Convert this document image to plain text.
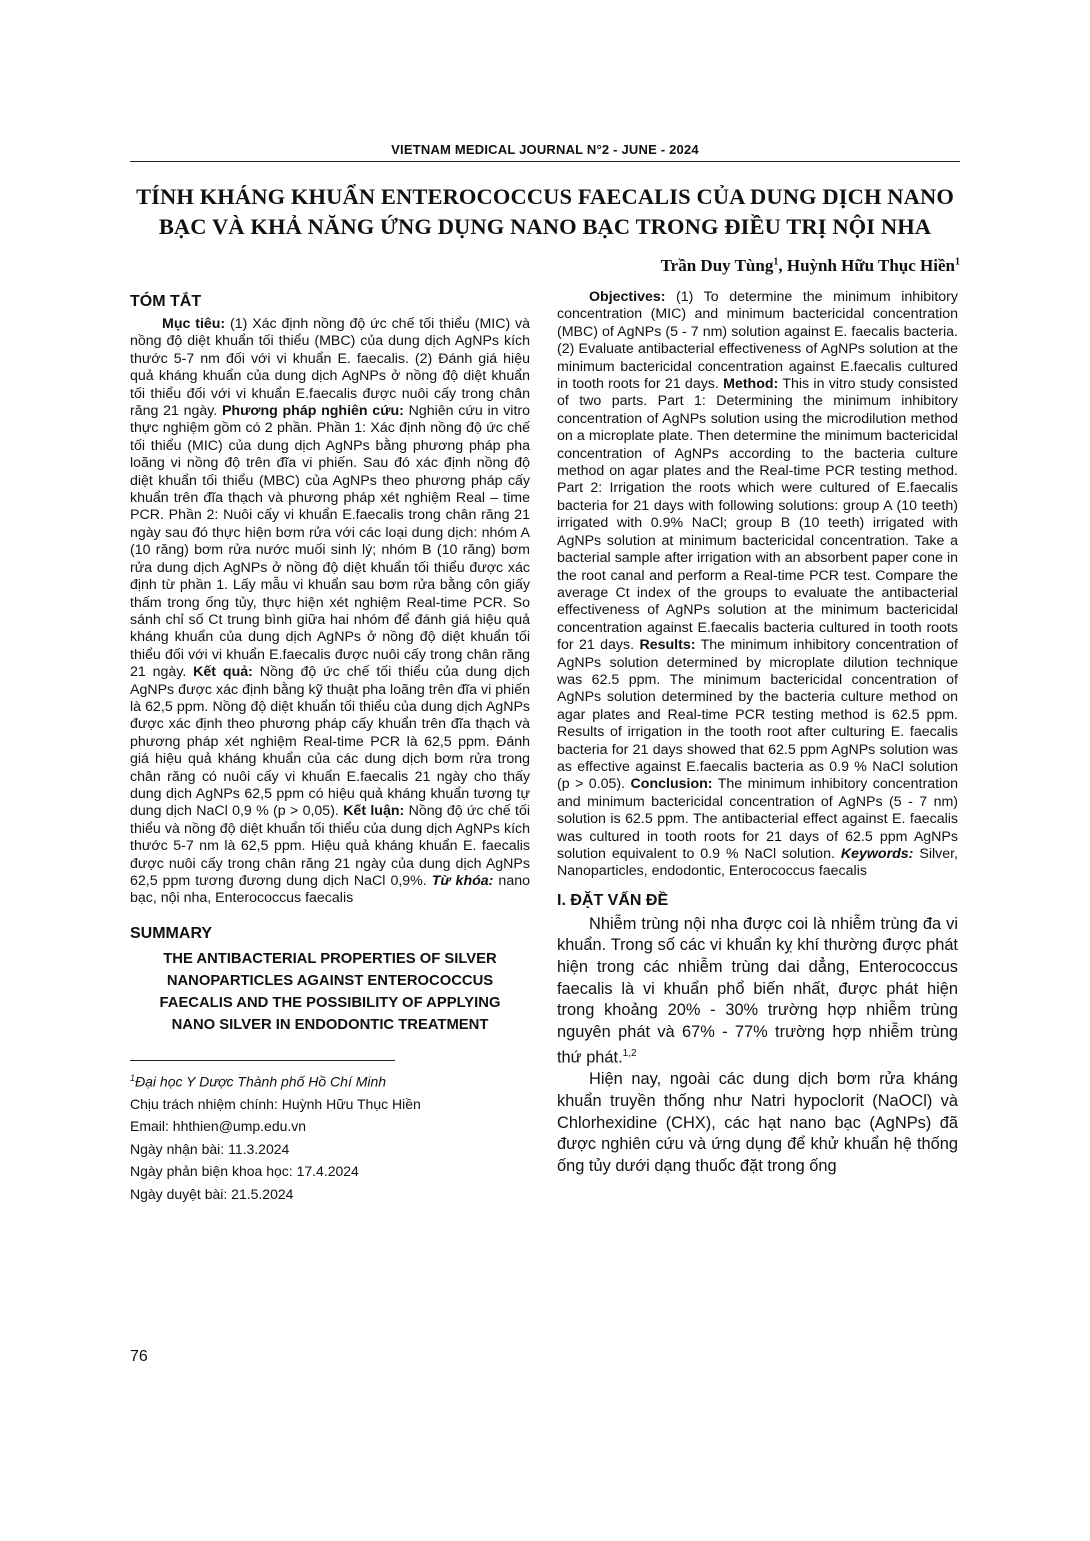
VIETNAM MEDICAL JOURNAL N°2 - JUNE - 2024
TÍNH KHÁNG KHUẨN ENTEROCOCCUS FAECALIS CỦA DUNG DỊCH NANO BẠC VÀ KHẢ NĂNG ỨNG DỤNG NANO BẠC TRONG ĐIỀU TRỊ NỘI NHA
Trần Duy Tùng$^1$, Huỳnh Hữu Thục Hiền$^1$
TÓM TẮT

Mục tiêu: (1) Xác định nồng độ ức chế tối thiểu (MIC) và nồng độ diệt khuẩn tối thiểu (MBC) của dung dịch AgNPs kích thước 5-7 nm đối với vi khuẩn E. faecalis. (2) Đánh giá hiệu quả kháng khuẩn của dung dịch AgNPs ở nồng độ diệt khuẩn tối thiểu đối với vi khuẩn E.faecalis được nuôi cấy trong chân răng 21 ngày. Phương pháp nghiên cứu: Nghiên cứu in vitro thực nghiệm gồm có 2 phần. Phần 1: Xác định nồng độ ức chế tối thiểu (MIC) của dung dịch AgNPs bằng phương pháp pha loãng vi nồng độ trên đĩa vi phiến. Sau đó xác định nồng độ diệt khuẩn tối thiểu (MBC) của AgNPs theo phương pháp cấy khuẩn trên đĩa thạch và phương pháp xét nghiệm Real – time PCR. Phần 2: Nuôi cấy vi khuẩn E.faecalis trong chân răng 21 ngày sau đó thực hiện bơm rửa với các loại dung dịch: nhóm A (10 răng) bơm rửa nước muối sinh lý; nhóm B (10 răng) bơm rửa dung dịch AgNPs ở nồng độ diệt khuẩn tối thiểu được xác định từ phần 1. Lấy mẫu vi khuẩn sau bơm rửa bằng côn giấy thấm trong ống tủy, thực hiện xét nghiệm Real-time PCR. So sánh chỉ số Ct trung bình giữa hai nhóm để đánh giá hiệu quả kháng khuẩn của dung dịch AgNPs ở nồng độ diệt khuẩn tối thiểu đối với vi khuẩn E.faecalis được nuôi cấy trong chân răng 21 ngày. Kết quả: Nồng độ ức chế tối thiểu của dung dịch AgNPs được xác định bằng kỹ thuật pha loãng trên đĩa vi phiến là 62,5 ppm. Nồng độ diệt khuẩn tối thiểu của dung dịch AgNPs được xác định theo phương pháp cấy khuẩn trên đĩa thạch và phương pháp xét nghiệm Real-time PCR là 62,5 ppm. Đánh giá hiệu quả kháng khuẩn của các dung dịch bơm rửa trong chân răng có nuôi cấy vi khuẩn E.faecalis 21 ngày cho thấy dung dịch AgNPs 62,5 ppm có hiệu quả kháng khuẩn tương tự dung dịch NaCl 0,9 % (p > 0,05). Kết luận: Nồng độ ức chế tối thiểu và nồng độ diệt khuẩn tối thiểu của dung dịch AgNPs kích thước 5-7 nm là 62,5 ppm. Hiệu quả kháng khuẩn E. faecalis được nuôi cấy trong chân răng 21 ngày của dung dịch AgNPs 62,5 ppm tương đương dung dịch NaCl 0,9%. Từ khóa: nano bạc, nội nha, Enterococcus faecalis

SUMMARY
THE ANTIBACTERIAL PROPERTIES OF SILVER NANOPARTICLES AGAINST ENTEROCOCCUS FAECALIS AND THE POSSIBILITY OF APPLYING NANO SILVER IN ENDODONTIC TREATMENT
$^1$Đại học Y Dược Thành phố Hồ Chí Minh
Chịu trách nhiệm chính: Huỳnh Hữu Thục Hiền
Email: hhthien@ump.edu.vn
Ngày nhận bài: 11.3.2024
Ngày phản biện khoa học: 17.4.2024
Ngày duyệt bài: 21.5.2024

Objectives: (1) To determine the minimum inhibitory concentration (MIC) and minimum bactericidal concentration (MBC) of AgNPs (5 - 7 nm) solution against E. faecalis bacteria. (2) Evaluate antibacterial effectiveness of AgNPs solution at the minimum bactericidal concentration against E.faecalis cultured in tooth roots for 21 days. Method: This in vitro study consisted of two parts. Part 1: Determining the minimum inhibitory concentration of AgNPs solution using the microdilution method on a microplate plate. Then determine the minimum bactericidal concentration of AgNPs according to the bacteria culture method on agar plates and the Real-time PCR testing method. Part 2: Irrigation the roots which were cultured of E.faecalis bacteria for 21 days with following solutions: group A (10 teeth) irrigated with 0.9% NaCl; group B (10 teeth) irrigated with AgNPs solution at minimum bactericidal concentration. Take a bacterial sample after irrigation with an absorbent paper cone in the root canal and perform a Real-time PCR test. Compare the average Ct index of the groups to evaluate the antibacterial effectiveness of AgNPs solution at the minimum bactericidal concentration against E.faecalis bacteria cultured in tooth roots for 21 days. Results: The minimum inhibitory concentration of AgNPs solution determined by microplate dilution technique was 62.5 ppm. The minimum bactericidal concentration of AgNPs solution determined by the bacteria culture method on agar plates and Real-time PCR testing method is 62.5 ppm. Results of irrigation in the tooth root after culturing E. faecalis bacteria for 21 days showed that 62.5 ppm AgNPs solution was as effective against E.faecalis bacteria as 0.9 % NaCl solution (p > 0.05). Conclusion: The minimum inhibitory concentration and minimum bactericidal concentration of AgNPs (5 - 7 nm) solution is 62.5 ppm. The antibacterial effect against E. faecalis was cultured in tooth roots for 21 days of 62.5 ppm AgNPs solution equivalent to 0.9 % NaCl solution. Keywords: Silver, Nanoparticles, endodontic, Enterococcus faecalis

I. ĐẶT VẤN ĐỀ

Nhiễm trùng nội nha được coi là nhiễm trùng đa vi khuẩn. Trong số các vi khuẩn kỵ khí thường được phát hiện trong các nhiễm trùng dai dẳng, Enterococcus faecalis là vi khuẩn phổ biến nhất, được phát hiện trong khoảng 20% - 30% trường hợp nhiễm trùng nguyên phát và 67% - 77% trường hợp nhiễm trùng thứ phát.$^{1,2}$

Hiện nay, ngoài các dung dịch bơm rửa kháng khuẩn truyền thống như Natri hypoclorit (NaOCl) và Chlorhexidine (CHX), các hạt nano bạc (AgNPs) đã được nghiên cứu và ứng dụng để khử khuẩn hệ thống ống tủy dưới dạng thuốc đặt trong ống

76
